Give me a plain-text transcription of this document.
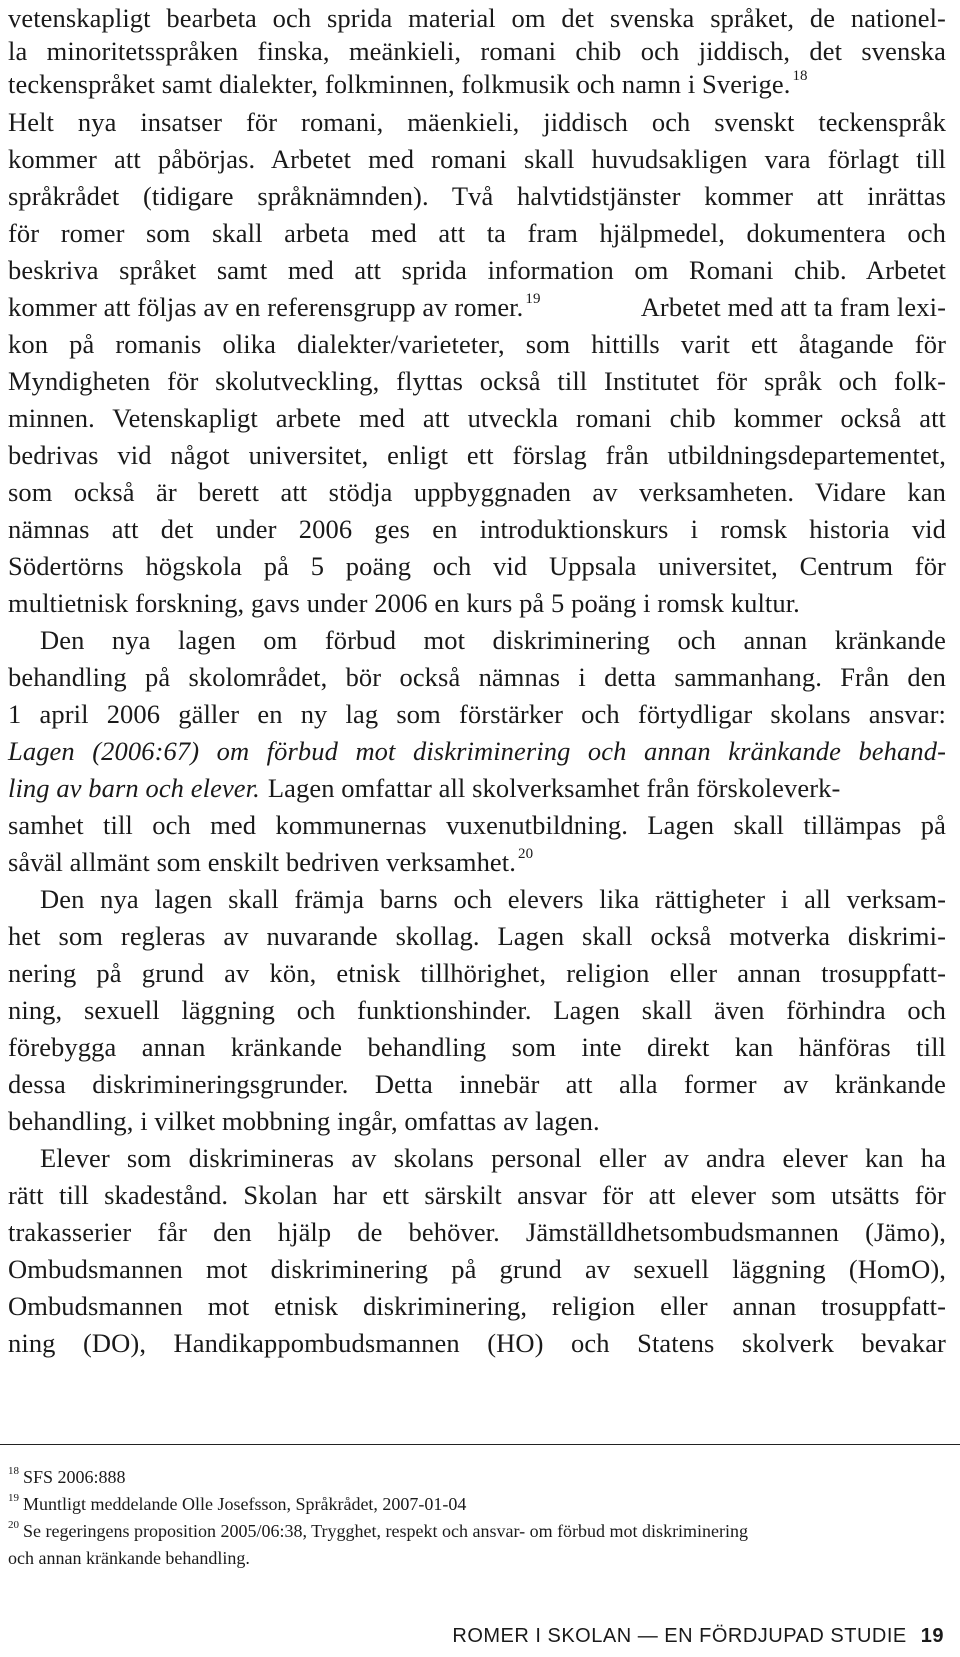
vetenskapligt bearbeta och sprida material om det svenska språket, de nationel-
la minoritetsspråken finska, meänkieli, romani chib och jiddisch, det svenska
teckenspråket samt dialekter, folkminnen, folkmusik och namn i Sverige. $^{18}$
Helt nya insatser för romani, mäenkieli, jiddisch och svenskt teckenspråk
kommer att påbörjas. Arbetet med romani skall huvudsakligen vara förlagt till
språkrådet (tidigare språknämnden). Två halvtidstjänster kommer att inrättas
för romer som skall arbeta med att ta fram hjälpmedel, dokumentera och
beskriva språket samt med att sprida information om Romani chib. Arbetet
kommer att följas av en referensgrupp av romer. $^{19}$	Arbetet med att ta fram lexi-
kon på romanis olika dialekter/varieteter, som hittills varit ett åtagande för
Myndigheten för skolutveckling, flyttas också till Institutet för språk och folk-
minnen. Vetenskapligt arbete med att utveckla romani chib kommer också att
bedrivas vid något universitet, enligt ett förslag från utbildningsdepartementet,
som också är berett att stödja uppbyggnaden av verksamheten. Vidare kan
nämnas att det under 2006 ges en introduktionskurs i romsk historia vid
Södertörns högskola på 5 poäng och vid Uppsala universitet, Centrum för
multietnisk forskning, gavs under 2006 en kurs på 5 poäng i romsk kultur.
Den nya lagen om förbud mot diskriminering och annan kränkande
behandling på skolområdet, bör också nämnas i detta sammanhang. Från den
1 april 2006 gäller en ny lag som förstärker och förtydligar skolans ansvar:
Lagen (2006:67) om förbud mot diskriminering och annan kränkande behand-
ling av barn och elever. Lagen omfattar all skolverksamhet från förskoleverk-
samhet till och med kommunernas vuxenutbildning. Lagen skall tillämpas på
såväl allmänt som enskilt bedriven verksamhet. $^{20}$
Den nya lagen skall främja barns och elevers lika rättigheter i all verksam-
het som regleras av nuvarande skollag. Lagen skall också motverka diskrimi-
nering på grund av kön, etnisk tillhörighet, religion eller annan trosuppfatt-
ning, sexuell läggning och funktionshinder. Lagen skall även förhindra och
förebygga annan kränkande behandling som inte direkt kan hänföras till
dessa diskrimineringsgrunder. Detta innebär att alla former av kränkande
behandling, i vilket mobbning ingår, omfattas av lagen.
Elever som diskrimineras av skolans personal eller av andra elever kan ha
rätt till skadestånd. Skolan har ett särskilt ansvar för att elever som utsätts för
trakasserier får den hjälp de behöver. Jämställdhetsombudsmannen (Jämo),
Ombudsmannen mot diskriminering på grund av sexuell läggning (HomO),
Ombudsmannen mot etnisk diskriminering, religion eller annan trosuppfatt-
ning (DO), Handikappombudsmannen (HO) och Statens skolverk bevakar
$^{18}$ SFS 2006:888
$^{19}$ Muntligt meddelande Olle Josefsson, Språkrådet, 2007-01-04
$^{20}$ Se regeringens proposition 2005/06:38, Trygghet, respekt och ansvar- om förbud mot diskriminering
och annan kränkande behandling.
ROMER I SKOLAN — EN FÖRDJUPAD STUDIE 19
